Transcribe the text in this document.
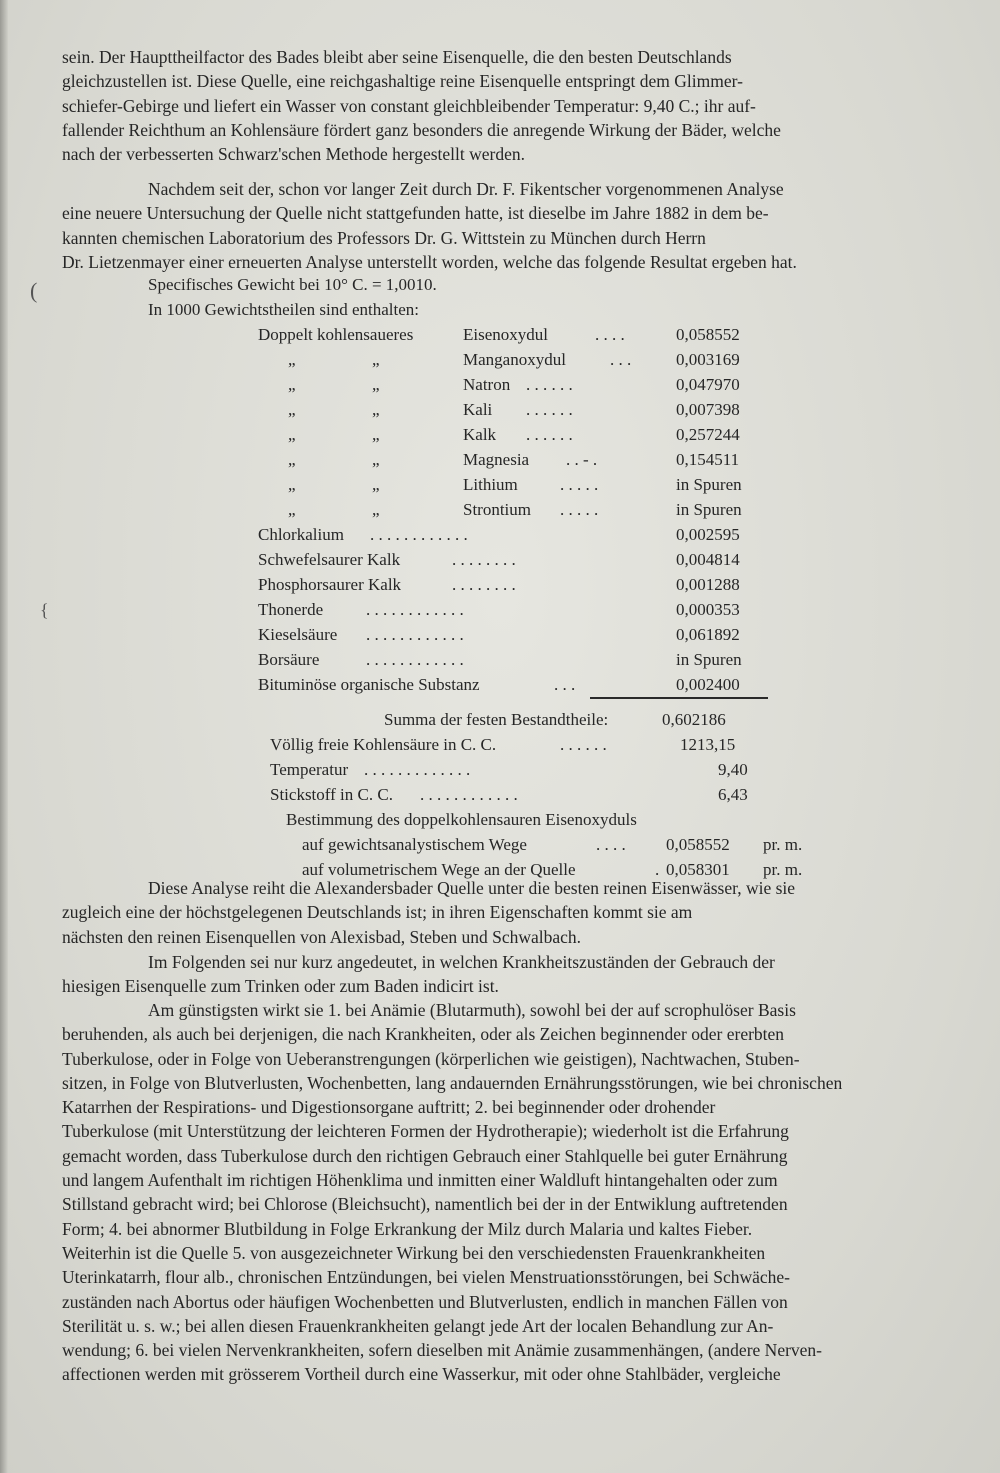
(
{

sein. Der Haupttheilfactor des Bades bleibt aber seine Eisenquelle, die den besten Deutschlands

gleichzustellen ist. Diese Quelle, eine reichgashaltige reine Eisenquelle entspringt dem Glimmer-

schiefer-Gebirge und liefert ein Wasser von constant gleichbleibender Temperatur: 9,40 C.; ihr auf-

fallender Reichthum an Kohlensäure fördert ganz besonders die anregende Wirkung der Bäder, welche

nach der verbesserten Schwarz'schen Methode hergestellt werden.

Nachdem seit der, schon vor langer Zeit durch Dr. F. Fikentscher vorgenommenen Analyse

eine neuere Untersuchung der Quelle nicht stattgefunden hatte, ist dieselbe im Jahre 1882 in dem be-

kannten chemischen Laboratorium des Professors Dr. G. Wittstein zu München durch Herrn

Dr. Lietzenmayer einer erneuerten Analyse unterstellt worden, welche das folgende Resultat ergeben hat.

Specifisches Gewicht bei 10° C. = 1,0010.
In 1000 Gewichtstheilen sind enthalten:
Doppelt kohlensaueres	Eisenoxydul	. . . .	0,058552
„	„	Manganoxydul	. . .	0,003169
„	„	Natron . . . . . .	0,047970
„	„	Kali . . . . . .	0,007398
„	„	Kalk . . . . . .	0,257244
„	„	Magnesia . . - .	0,154511
„	„	Lithium . . . . .	in Spuren
„	„	Strontium . . . . .	in Spuren
Chlorkalium . . . . . . . . . . . .	0,002595
Schwefelsaurer Kalk	. . . . . . . .	0,004814
Phosphorsaurer Kalk	. . . . . . . .	0,001288
Thonerde	. . . . . . . . . . . .	0,000353
Kieselsäure . . . . . . . . . . . .	0,061892
Borsäure	. . . . . . . . . . . .	in Spuren
Bituminöse organische Substanz	. . .	0,002400
Summa der festen Bestandtheile:	0,602186
Völlig freie Kohlensäure in C. C.	. . . . . .	1213,15
Temperatur . . . . . . . . . . . . .	9,40
Stickstoff in C. C. . . . . . . . . . . . .	6,43
Bestimmung des doppelkohlensauren Eisenoxyduls
auf gewichtsanalystischem Wege	. . . . 0,058552 pr. m.
auf volumetrischem Wege an der Quelle	. 0,058301 pr. m.

Diese Analyse reiht die Alexandersbader Quelle unter die besten reinen Eisenwässer, wie sie

zugleich eine der höchstgelegenen Deutschlands ist; in ihren Eigenschaften kommt sie am

nächsten den reinen Eisenquellen von Alexisbad, Steben und Schwalbach.

Im Folgenden sei nur kurz angedeutet, in welchen Krankheitszuständen der Gebrauch der

hiesigen Eisenquelle zum Trinken oder zum Baden indicirt ist.

Am günstigsten wirkt sie 1. bei Anämie (Blutarmuth), sowohl bei der auf scrophulöser Basis

beruhenden, als auch bei derjenigen, die nach Krankheiten, oder als Zeichen beginnender oder ererbten

Tuberkulose, oder in Folge von Ueberanstrengungen (körperlichen wie geistigen), Nachtwachen, Stuben-

sitzen, in Folge von Blutverlusten, Wochenbetten, lang andauernden Ernährungsstörungen, wie bei chronischen

Katarrhen der Respirations- und Digestionsorgane auftritt; 2. bei beginnender oder drohender

Tuberkulose (mit Unterstützung der leichteren Formen der Hydrotherapie); wiederholt ist die Erfahrung

gemacht worden, dass Tuberkulose durch den richtigen Gebrauch einer Stahlquelle bei guter Ernährung

und langem Aufenthalt im richtigen Höhenklima und inmitten einer Waldluft hintangehalten oder zum

Stillstand gebracht wird; bei Chlorose (Bleichsucht), namentlich bei der in der Entwiklung auftretenden

Form; 4. bei abnormer Blutbildung in Folge Erkrankung der Milz durch Malaria und kaltes Fieber.

Weiterhin ist die Quelle 5. von ausgezeichneter Wirkung bei den verschiedensten Frauenkrankheiten

Uterinkatarrh, flour alb., chronischen Entzündungen, bei vielen Menstruationsstörungen, bei Schwäche-

zuständen nach Abortus oder häufigen Wochenbetten und Blutverlusten, endlich in manchen Fällen von

Sterilität u. s. w.; bei allen diesen Frauenkrankheiten gelangt jede Art der localen Behandlung zur An-

wendung; 6. bei vielen Nervenkrankheiten, sofern dieselben mit Anämie zusammenhängen, (andere Nerven-

affectionen werden mit grösserem Vortheil durch eine Wasserkur, mit oder ohne Stahlbäder, vergleiche
